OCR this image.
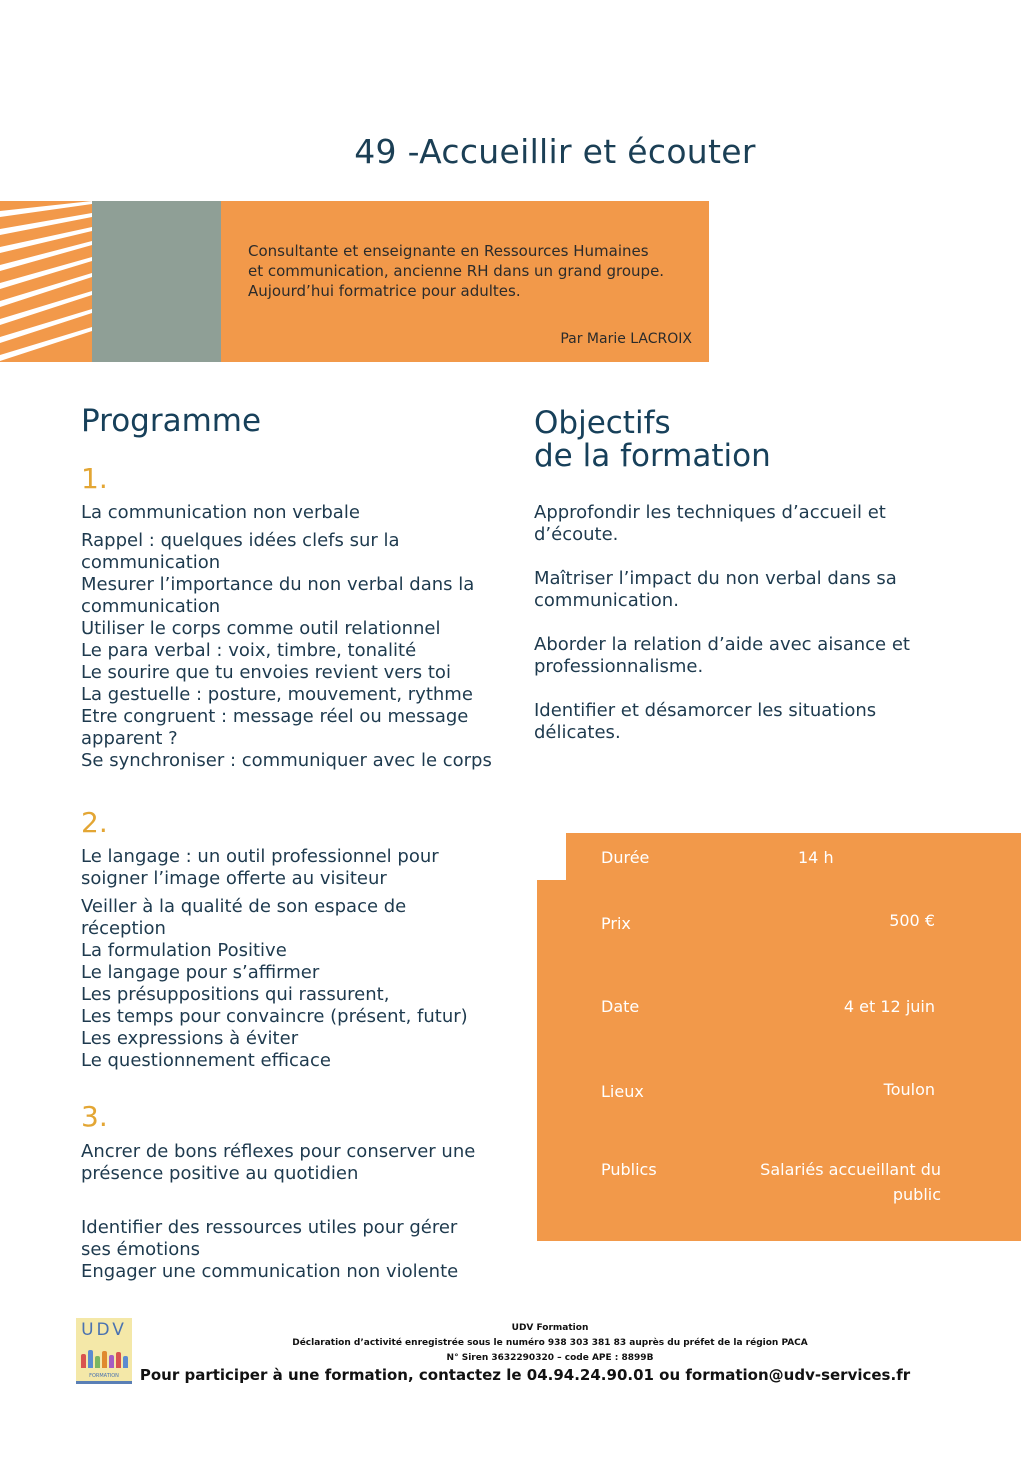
49 -Accueillir et écouter
Consultante et enseignante en Ressources Humaines
et communication, ancienne RH dans un grand groupe.
Aujourd’hui formatrice pour adultes.
Par Marie LACROIX
Programme
1.
La communication non verbale
Rappel : quelques idées clefs sur la
communication
Mesurer l’importance du non verbal dans la
communication
Utiliser le corps comme outil relationnel
Le para verbal : voix, timbre, tonalité
Le sourire que tu envoies revient vers toi
La gestuelle : posture, mouvement, rythme
Etre congruent : message réel ou message
apparent ?
Se synchroniser : communiquer avec le corps
2.
Le langage : un outil professionnel pour
soigner l’image offerte au visiteur
Veiller à la qualité de son espace de
réception
La formulation Positive
Le langage pour s’affirmer
Les présuppositions qui rassurent,
Les temps pour convaincre (présent, futur)
Les expressions à éviter
Le questionnement efficace
3.
Ancrer de bons réflexes pour conserver une
présence positive au quotidien
Identifier des ressources utiles pour gérer
ses émotions
Engager une communication non violente
Objectifs
de la formation
Approfondir les techniques d’accueil et
d’écoute.
Maîtriser l’impact du non verbal dans sa
communication.
Aborder la relation d’aide avec aisance et
professionnalisme.
Identifier et désamorcer les situations
délicates.
Durée	14 h
Prix	500 €
Date	4 et 12 juin
Lieux	Toulon
Publics	Salariés accueillant du
public
UDV
FORMATION
UDV Formation
Déclaration d’activité enregistrée sous le numéro 938 303 381 83 auprès du préfet de la région PACA
N° Siren 3632290320 – code APE : 8899B
Pour participer à une formation, contactez le 04.94.24.90.01 ou formation@udv-services.fr
